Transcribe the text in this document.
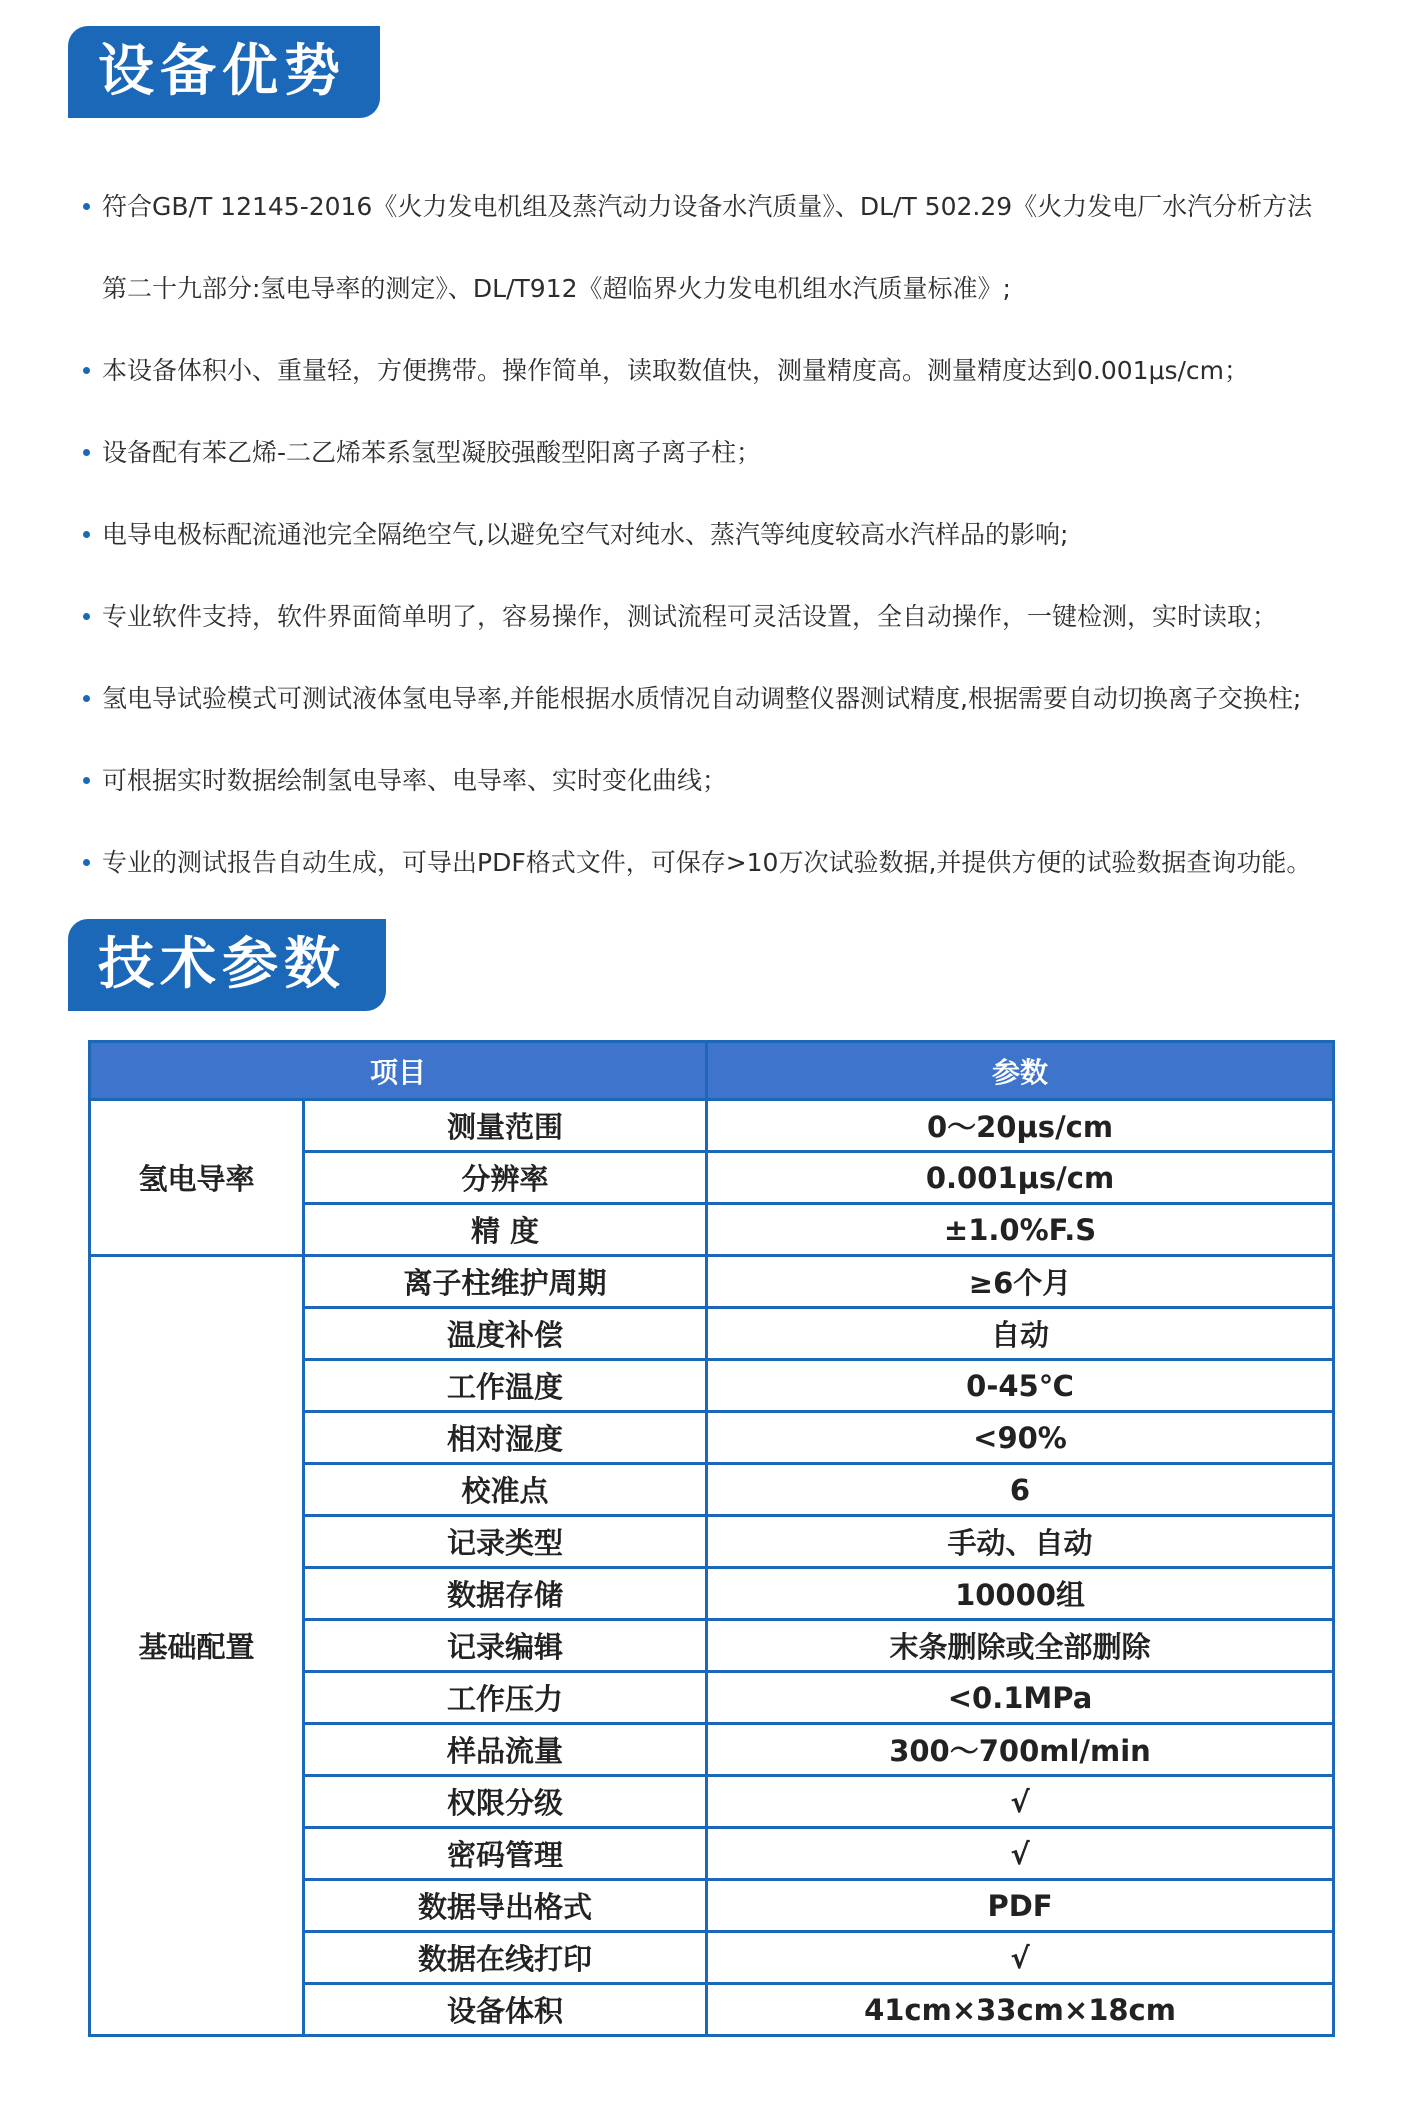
设备优势
符合GB/T 12145-2016《火力发电机组及蒸汽动力设备水汽质量》、DL/T 502.29《火力发电厂水汽分析方法
第二十九部分:氢电导率的测定》、DL/T912《超临界火力发电机组水汽质量标准》;
本设备体积小、重量轻，方便携带。操作简单，读取数值快，测量精度高。测量精度达到0.001μs/cm；
设备配有苯乙烯-二乙烯苯系氢型凝胶强酸型阳离子离子柱；
电导电极标配流通池完全隔绝空气,以避免空气对纯水、蒸汽等纯度较高水汽样品的影响;
专业软件支持，软件界面简单明了，容易操作，测试流程可灵活设置，全自动操作，一键检测，实时读取；
氢电导试验模式可测试液体氢电导率,并能根据水质情况自动调整仪器测试精度,根据需要自动切换离子交换柱;
可根据实时数据绘制氢电导率、电导率、实时变化曲线；
专业的测试报告自动生成，可导出PDF格式文件，可保存>10万次试验数据,并提供方便的试验数据查询功能。
技术参数
项目		参数
氢电导率	测量范围	0～20μs/cm
	分辨率	0.001μs/cm
	精 度	±1.0%F.S
基础配置	离子柱维护周期	≥6个月
	温度补偿	自动
	工作温度	0-45℃
	相对湿度	<90%
	校准点	6
	记录类型	手动、自动
	数据存储	10000组
	记录编辑	末条删除或全部删除
	工作压力	<0.1MPa
	样品流量	300～700ml/min
	权限分级	√
	密码管理	√
	数据导出格式	PDF
	数据在线打印	√
	设备体积	41cm×33cm×18cm
